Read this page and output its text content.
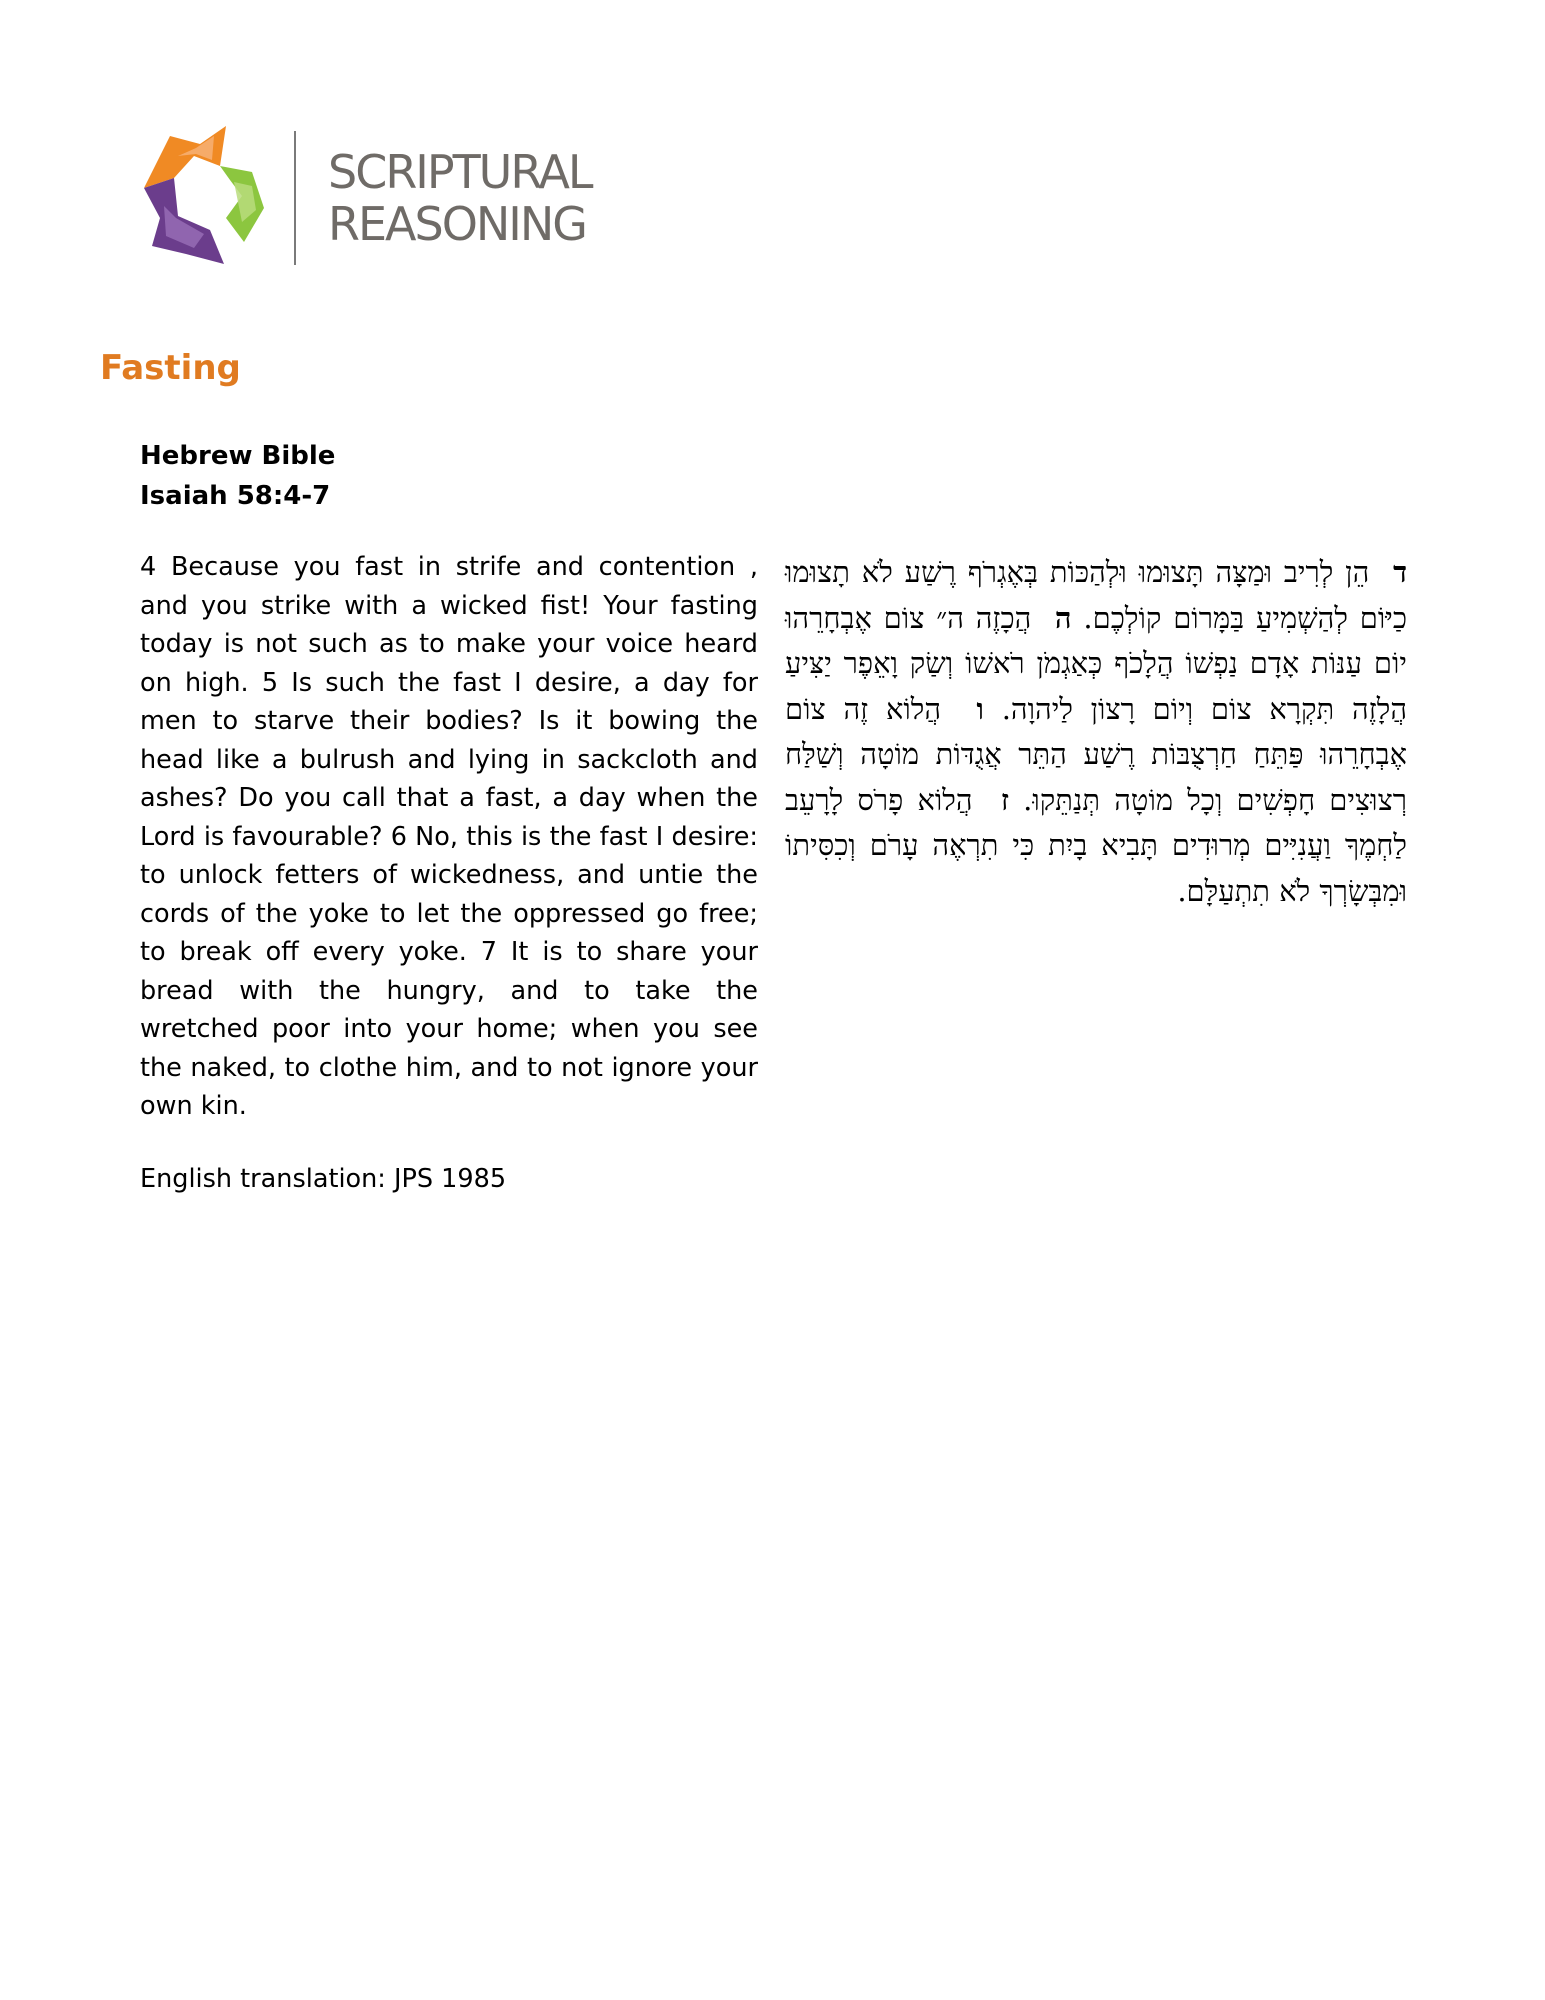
SCRIPTURAL
REASONING
Fasting
Hebrew Bible
Isaiah 58:4-7

4 Because you fast in strife and contention , and you strike with a wicked fist! Your fasting today is not such as to make your voice heard on high. 5 Is such the fast I desire, a day for men to starve their bodies? Is it bowing the head like a bulrush and lying in sackcloth and ashes? Do you call that a fast, a day when the Lord is favourable? 6 No, this is the fast I desire: to unlock fetters of wickedness, and untie the cords of the yoke to let the oppressed go free; to break off every yoke. 7 It is to share your bread with the hungry, and to take the wretched poor into your home; when you see the naked, to clothe him, and to not ignore your own kin.

ד  הֵן לְרִיב וּמַצָּה תָּצוּמוּ וּלְהַכּוֹת בְּאֶגְרֹף רֶשַׁע לֹא תָצוּמוּ כַיּוֹם לְהַשְׁמִיעַ בַּמָּרוֹם קוֹלְכֶם. ה  הֲכָזֶה ה״ צוֹם אֶבְחָרֵהוּ יוֹם עַנּוֹת אָדָם נַפְשׁוֹ הֲלָכֹף כְּאַגְמֹן רֹאשׁוֹ וְשַׂק וָאֵפֶר יַצִּיעַ הֲלָזֶה תִּקְרָא צוֹם וְיוֹם רָצוֹן לַיהוָה. ו  הֲלוֹא זֶה צוֹם אֶבְחָרֵהוּ פַּתֵּחַ חַרְצֻבּוֹת רֶשַׁע הַתֵּר אֲגֻדּוֹת מוֹטָה וְשַׁלַּח רְצוּצִים חָפְשִׁים וְכָל מוֹטָה תְּנַתֵּקוּ. ז  הֲלוֹא פָרֹס לָרָעֵב לַחְמֶךָ וַעֲנִיִּים מְרוּדִים תָּבִיא בָיִת כִּי תִרְאֶה עָרֹם וְכִסִּיתוֹ וּמִבְּשָׂרְךָ לֹא תִתְעַלָּם.

English translation: JPS 1985
